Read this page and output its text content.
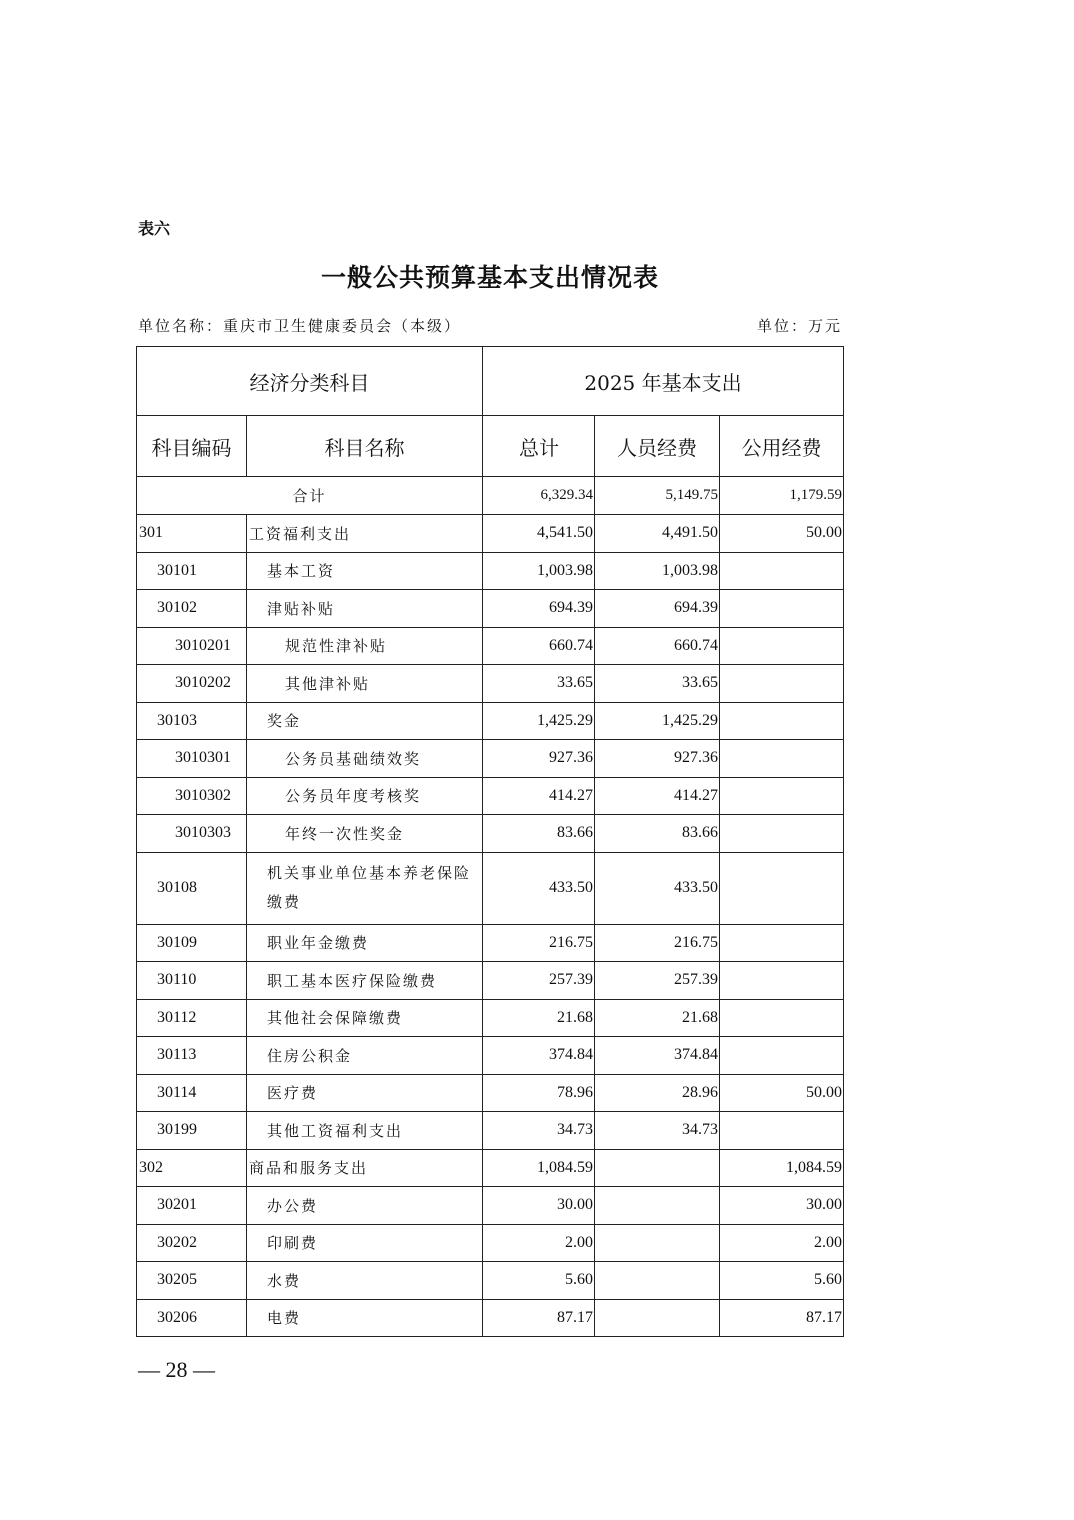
表六
一般公共预算基本支出情况表
单位名称：重庆市卫生健康委员会（本级）	单位：万元
经济分类科目		2025 年基本支出		
科目编码	科目名称	总计	人员经费	公用经费
合计		6,329.34	5,149.75	1,179.59
301	工资福利支出	4,541.50	4,491.50	50.00
30101	基本工资	1,003.98	1,003.98	
30102	津贴补贴	694.39	694.39	
3010201	规范性津补贴	660.74	660.74	
3010202	其他津补贴	33.65	33.65	
30103	奖金	1,425.29	1,425.29	
3010301	公务员基础绩效奖	927.36	927.36	
3010302	公务员年度考核奖	414.27	414.27	
3010303	年终一次性奖金	83.66	83.66	
30108	机关事业单位基本养老保险缴费	433.50	433.50	
30109	职业年金缴费	216.75	216.75	
30110	职工基本医疗保险缴费	257.39	257.39	
30112	其他社会保障缴费	21.68	21.68	
30113	住房公积金	374.84	374.84	
30114	医疗费	78.96	28.96	50.00
30199	其他工资福利支出	34.73	34.73	
302	商品和服务支出	1,084.59		1,084.59
30201	办公费	30.00		30.00
30202	印刷费	2.00		2.00
30205	水费	5.60		5.60
30206	电费	87.17		87.17
— 28 —
